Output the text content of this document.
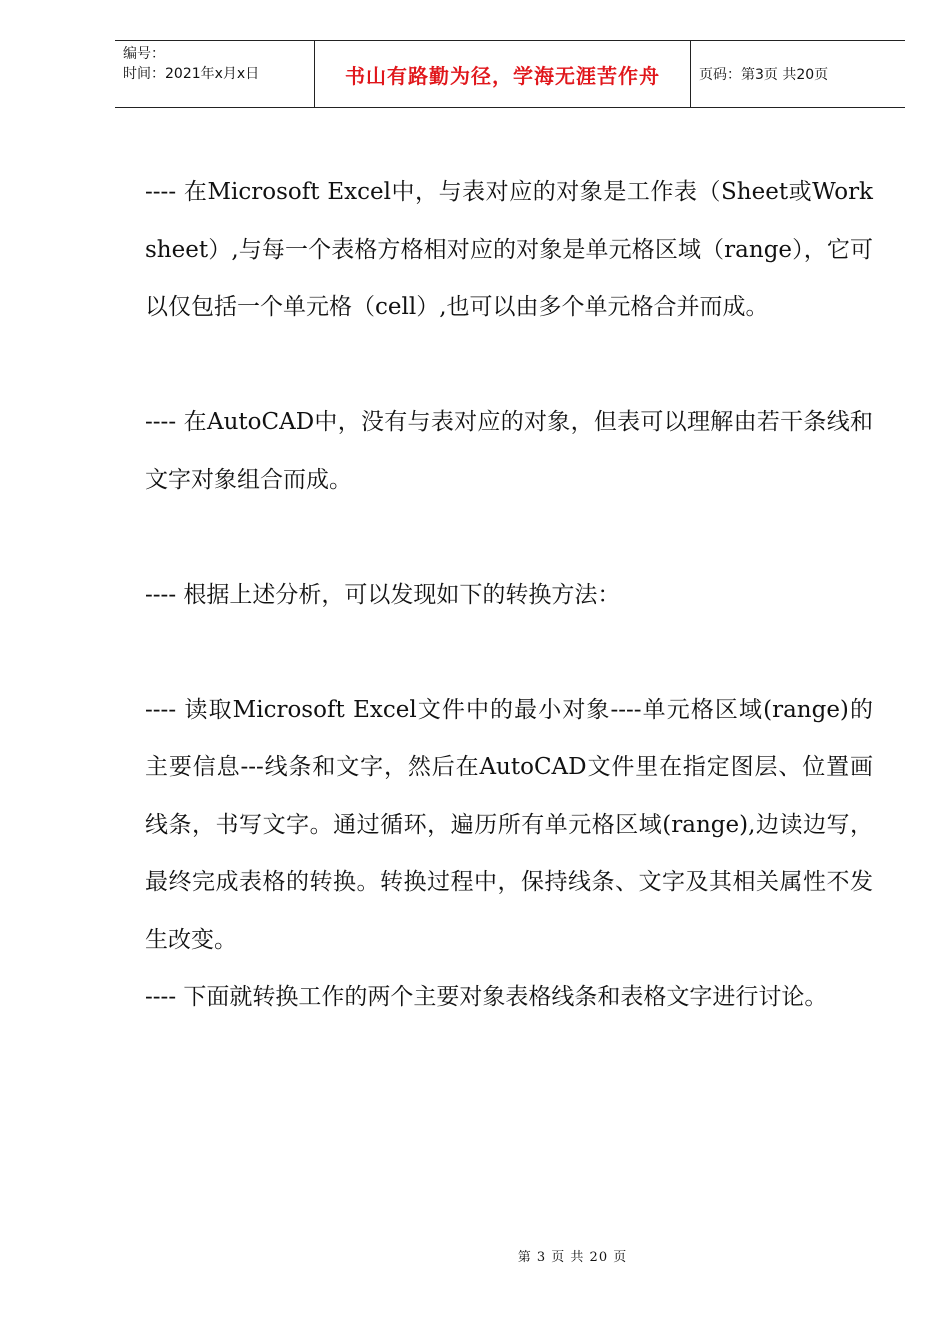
编号：
时间：2021年x月x日	书山有路勤为径，学海无涯苦作舟	页码：第3页 共20页

---- 在Microsoft Excel中，与表对应的对象是工作表（Sheet或Worksheet）,与每一个表格方格相对应的对象是单元格区域（range），它可以仅包括一个单元格（cell）,也可以由多个单元格合并而成。

---- 在AutoCAD中，没有与表对应的对象，但表可以理解由若干条线和文字对象组合而成。

---- 根据上述分析，可以发现如下的转换方法：

---- 读取Microsoft Excel文件中的最小对象----单元格区域(range)的主要信息---线条和文字，然后在AutoCAD文件里在指定图层、位置画线条，书写文字。通过循环，遍历所有单元格区域(range),边读边写，最终完成表格的转换。转换过程中，保持线条、文字及其相关属性不发生改变。

---- 下面就转换工作的两个主要对象表格线条和表格文字进行讨论。

第 3 页 共 20 页
